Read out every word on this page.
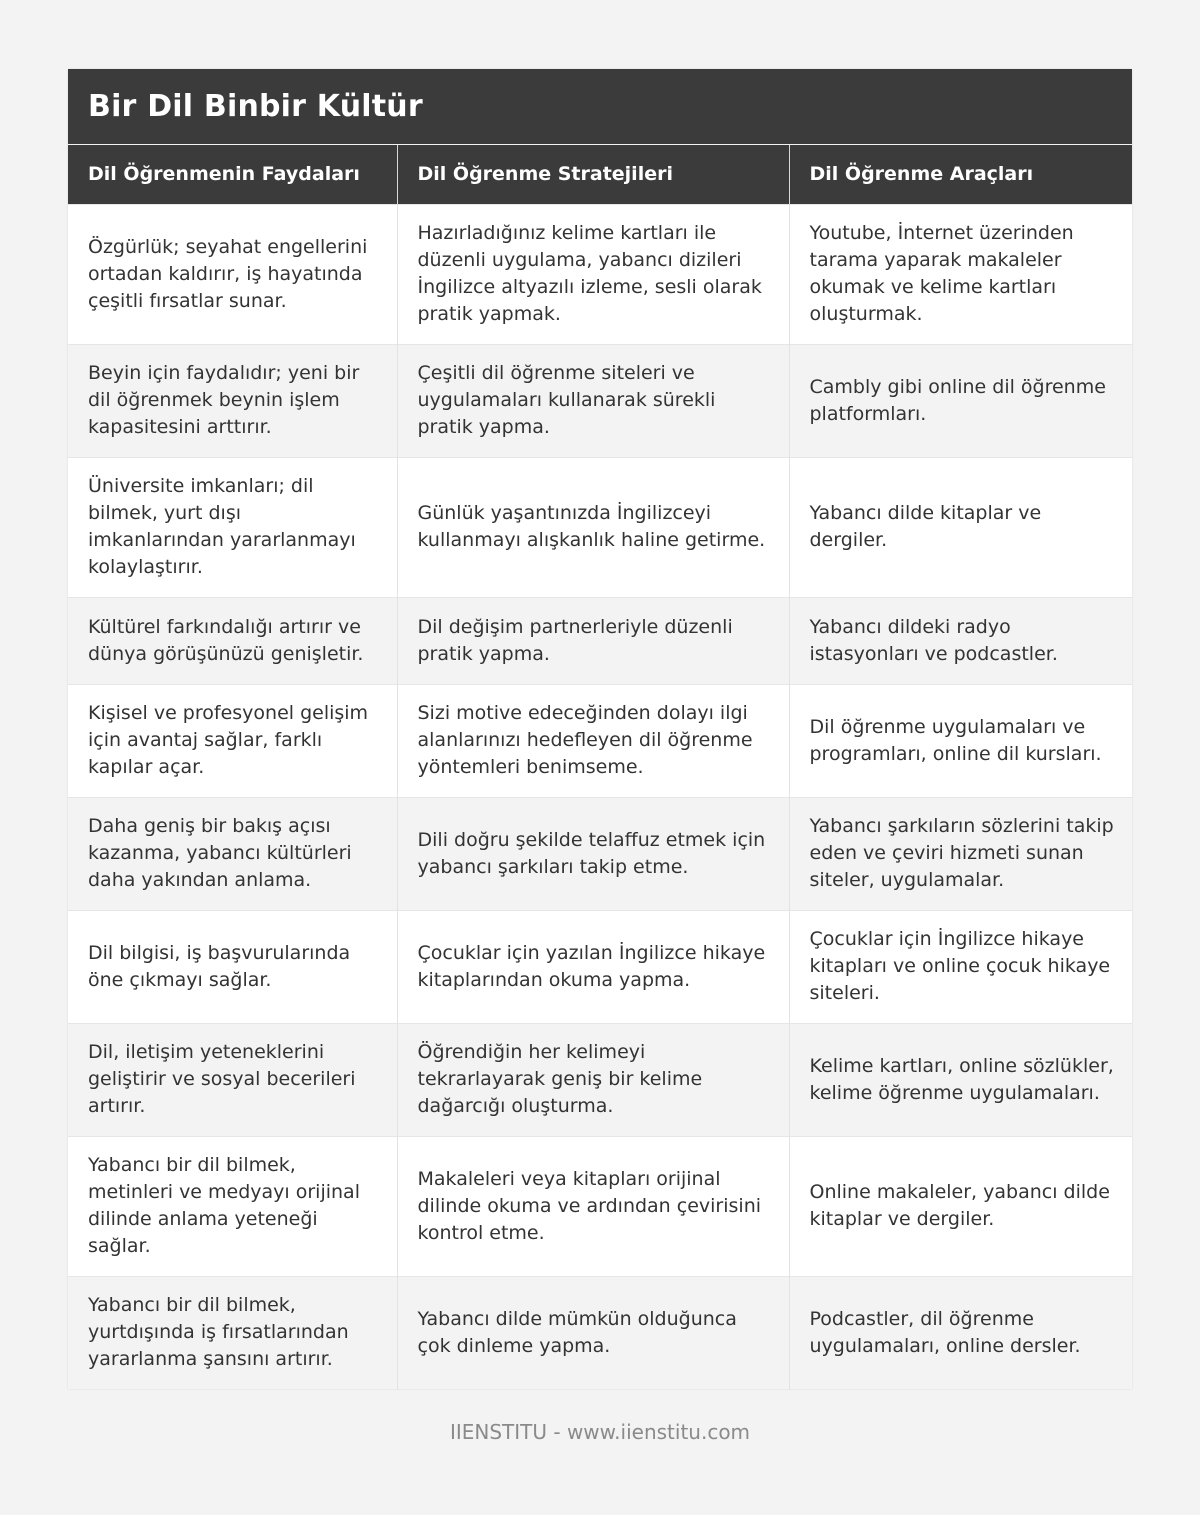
Bir Dil Binbir Kültür
Dil Öğrenmenin Faydaları	Dil Öğrenme Stratejileri	Dil Öğrenme Araçları
Özgürlük; seyahat engellerini ortadan kaldırır, iş hayatında çeşitli fırsatlar sunar.	Hazırladığınız kelime kartları ile düzenli uygulama, yabancı dizileri İngilizce altyazılı izleme, sesli olarak pratik yapmak.	Youtube, İnternet üzerinden tarama yaparak makaleler okumak ve kelime kartları oluşturmak.
Beyin için faydalıdır; yeni bir dil öğrenmek beynin işlem kapasitesini arttırır.	Çeşitli dil öğrenme siteleri ve uygulamaları kullanarak sürekli pratik yapma.	Cambly gibi online dil öğrenme platformları.
Üniversite imkanları; dil bilmek, yurt dışı imkanlarından yararlanmayı kolaylaştırır.	Günlük yaşantınızda İngilizceyi kullanmayı alışkanlık haline getirme.	Yabancı dilde kitaplar ve dergiler.
Kültürel farkındalığı artırır ve dünya görüşünüzü genişletir.	Dil değişim partnerleriyle düzenli pratik yapma.	Yabancı dildeki radyo istasyonları ve podcastler.
Kişisel ve profesyonel gelişim için avantaj sağlar, farklı kapılar açar.	Sizi motive edeceğinden dolayı ilgi alanlarınızı hedefleyen dil öğrenme yöntemleri benimseme.	Dil öğrenme uygulamaları ve programları, online dil kursları.
Daha geniş bir bakış açısı kazanma, yabancı kültürleri daha yakından anlama.	Dili doğru şekilde telaffuz etmek için yabancı şarkıları takip etme.	Yabancı şarkıların sözlerini takip eden ve çeviri hizmeti sunan siteler, uygulamalar.
Dil bilgisi, iş başvurularında öne çıkmayı sağlar.	Çocuklar için yazılan İngilizce hikaye kitaplarından okuma yapma.	Çocuklar için İngilizce hikaye kitapları ve online çocuk hikaye siteleri.
Dil, iletişim yeteneklerini geliştirir ve sosyal becerileri artırır.	Öğrendiğin her kelimeyi tekrarlayarak geniş bir kelime dağarcığı oluşturma.	Kelime kartları, online sözlükler, kelime öğrenme uygulamaları.
Yabancı bir dil bilmek, metinleri ve medyayı orijinal dilinde anlama yeteneği sağlar.	Makaleleri veya kitapları orijinal dilinde okuma ve ardından çevirisini kontrol etme.	Online makaleler, yabancı dilde kitaplar ve dergiler.
Yabancı bir dil bilmek, yurtdışında iş fırsatlarından yararlanma şansını artırır.	Yabancı dilde mümkün olduğunca çok dinleme yapma.	Podcastler, dil öğrenme uygulamaları, online dersler.
IIENSTITU - www.iienstitu.com
